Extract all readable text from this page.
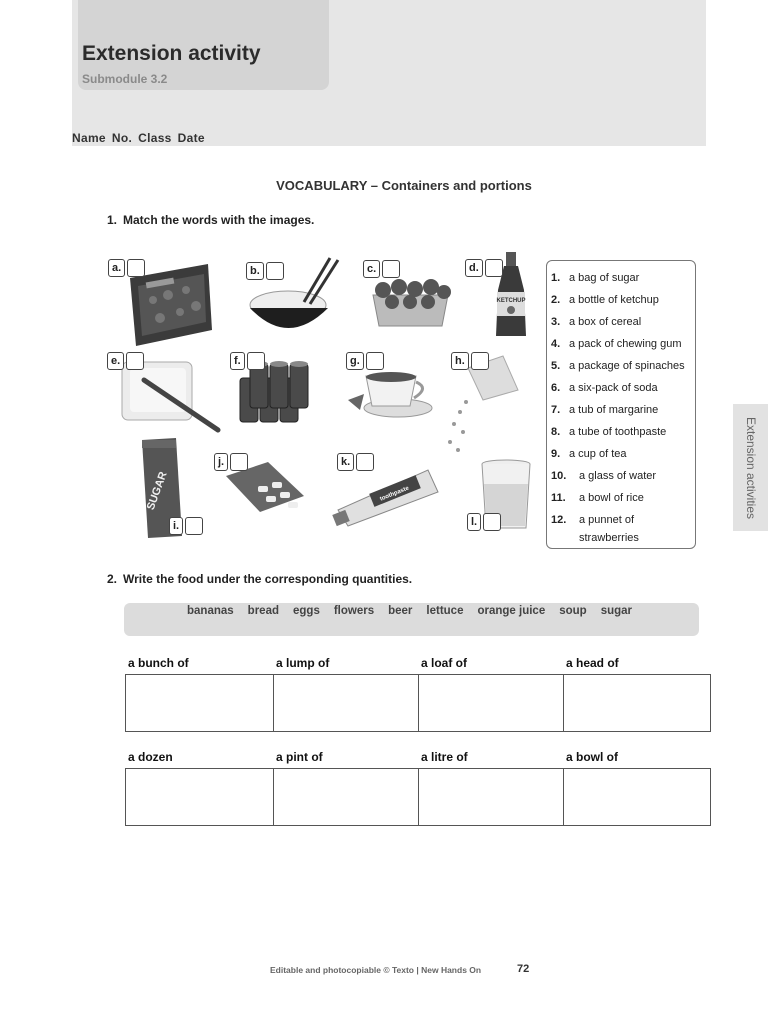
Extension activity
Submodule 3.2
Name No. Class Date
Extension activities
VOCABULARY – Containers and portions
1. Match the words with the images.
KETCHUP
SUGAR	toothpaste
a.	b.	c.	d.
e.	f.	g.	h.
i.
j.	k.
l.
1. a bag of sugar
2. a bottle of ketchup
3. a box of cereal
4. a pack of chewing gum
5. a package of spinaches
6. a six-pack of soda
7. a tub of margarine
8. a tube of toothpaste
9. a cup of tea
10.	a glass of water
11.	a bowl of rice
12.	a punnet of strawberries
2. Write the food under the corresponding quantities.
bananas bread eggs flowers beer lettuce orange juice soup sugar
a bunch of	a lump of	a loaf of	a head of
a dozen	a pint of	a litre of	a bowl of
Editable and photocopiable © Texto | New Hands On	72
